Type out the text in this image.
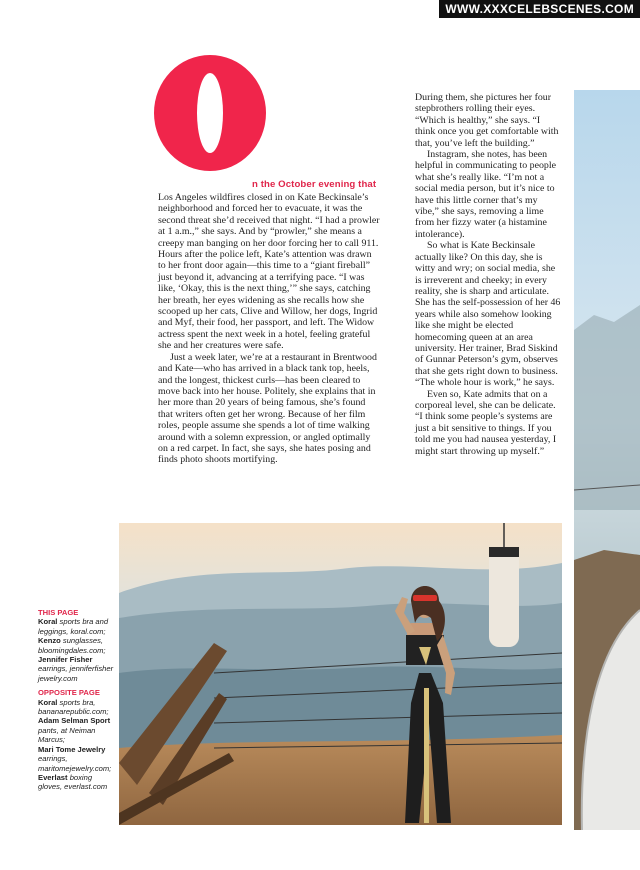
WWW.XXXCELEBSCENES.COM
n the October evening that

Los Angeles wildfires closed in on Kate Beckinsale’s neighborhood and forced her to evacuate, it was the second threat she’d received that night. “I had a prowler at 1 a.m.,” she says. And by “prowler,” she means a creepy man banging on her door forcing her to call 911. Hours after the police left, Kate’s attention was drawn to her front door again—this time to a “giant fireball” just beyond it, advancing at a terrifying pace. “I was like, ‘Okay, this is the next thing,’” she says, catching her breath, her eyes widening as she recalls how she scooped up her cats, Clive and Willow, her dogs, Ingrid and Myf, their food, her passport, and left. The Widow actress spent the next week in a hotel, feeling grateful she and her creatures were safe.

Just a week later, we’re at a restaurant in Brentwood and Kate—who has arrived in a black tank top, heels, and the longest, thickest curls—has been cleared to move back into her house. Politely, she explains that in her more than 20 years of being famous, she’s found that writers often get her wrong. Because of her film roles, people assume she spends a lot of time walking around with a solemn expression, or angled optimally on a red carpet. In fact, she says, she hates posing and finds photo shoots mortifying.

During them, she pictures her four stepbrothers rolling their eyes. “Which is healthy,” she says. “I think once you get comfortable with that, you’ve left the building.”

Instagram, she notes, has been helpful in communicating to people what she’s really like. “I’m not a social media person, but it’s nice to have this little corner that’s my vibe,” she says, removing a lime from her fizzy water (a histamine intolerance).

So what is Kate Beckinsale actually like? On this day, she is witty and wry; on social media, she is irreverent and cheeky; in every reality, she is sharp and articulate. She has the self-possession of her 46 years while also somehow looking like she might be elected homecoming queen at an area university. Her trainer, Brad Siskind of Gunnar Peterson’s gym, observes that she gets right down to business. “The whole hour is work,” he says.

Even so, Kate admits that on a corporeal level, she can be delicate. “I think some people’s systems are just a bit sensitive to things. If you told me you had nausea yesterday, I might start throwing up myself.”

THIS PAGE
Koral sports bra and leggings, koral.com;
Kenzo sunglasses, bloomingdales.com;
Jennifer Fisher earrings, jenniferfisher jewelry.com
OPPOSITE PAGE
Koral sports bra, bananarepublic.com;
Adam Selman Sport pants, at Neiman Marcus;
Mari Tome Jewelry earrings, maritomejewelry.com;
Everlast boxing gloves, everlast.com
